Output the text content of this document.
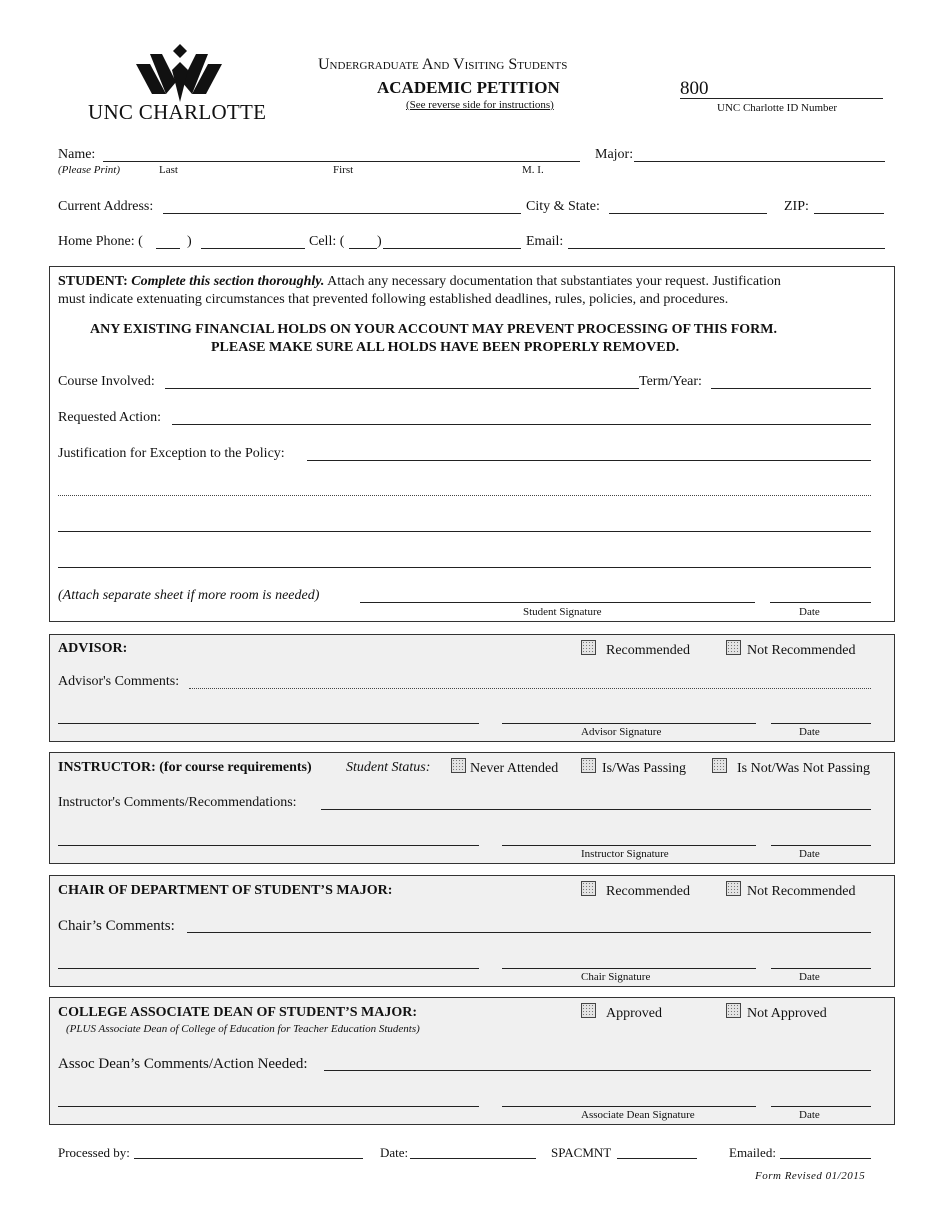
UNC CHARLOTTE
Undergraduate And Visiting Students
ACADEMIC PETITION
(See reverse side for instructions)
800
UNC Charlotte ID Number
Name:
(Please Print)	Last	First	M. I.
Major:
Current Address:	City & State:	ZIP:
Home Phone: (	)	Cell: ( )	Email:
STUDENT: Complete this section thoroughly. Attach any necessary documentation that substantiates your request. Justification
must indicate extenuating circumstances that prevented following established deadlines, rules, policies, and procedures.
ANY EXISTING FINANCIAL HOLDS ON YOUR ACCOUNT MAY PREVENT PROCESSING OF THIS FORM.
PLEASE MAKE SURE ALL HOLDS HAVE BEEN PROPERLY REMOVED.
Course Involved:	Term/Year:
Requested Action:
Justification for Exception to the Policy:
(Attach separate sheet if more room is needed)
Student Signature	Date
ADVISOR:	Recommended	Not Recommended
Advisor's Comments:
Advisor Signature	Date
INSTRUCTOR: (for course requirements) Student Status:	Never Attended	Is/Was Passing	Is Not/Was Not Passing
Instructor's Comments/Recommendations:
Instructor Signature	Date
CHAIR OF DEPARTMENT OF STUDENT’S MAJOR:	Recommended	Not Recommended
Chair’s Comments:
Chair Signature	Date
COLLEGE ASSOCIATE DEAN OF STUDENT’S MAJOR:
(PLUS Associate Dean of College of Education for Teacher Education Students)
Approved	Not Approved
Assoc Dean’s Comments/Action Needed:
Associate Dean Signature	Date
Processed by:	Date:	SPACMNT	Emailed:
Form Revised 01/2015
